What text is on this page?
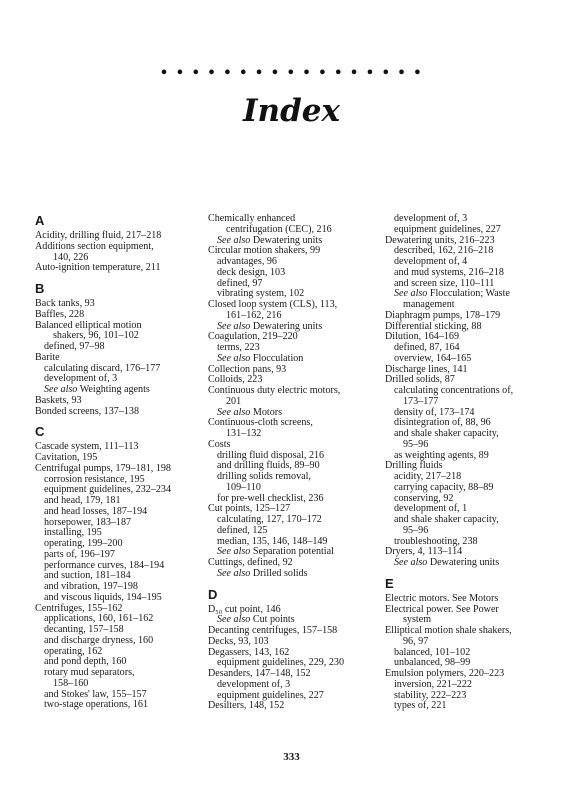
• • • • • • • • • • • • • • • • •
Index
A
Acidity, drilling fluid, 217–218
Additions section equipment,
140, 226
Auto-ignition temperature, 211
B
Back tanks, 93
Baffles, 228
Balanced elliptical motion
shakers, 96, 101–102
defined, 97–98
Barite
calculating discard, 176–177
development of, 3
See also Weighting agents
Baskets, 93
Bonded screens, 137–138
C
Cascade system, 111–113
Cavitation, 195
Centrifugal pumps, 179–181, 198
corrosion resistance, 195
equipment guidelines, 232–234
and head, 179, 181
and head losses, 187–194
horsepower, 183–187
installing, 195
operating, 199–200
parts of, 196–197
performance curves, 184–194
and suction, 181–184
and vibration, 197–198
and viscous liquids, 194–195
Centrifuges, 155–162
applications, 160, 161–162
decanting, 157–158
and discharge dryness, 160
operating, 162
and pond depth, 160
rotary mud separators,
158–160
and Stokes' law, 155–157
two-stage operations, 161
Chemically enhanced
centrifugation (CEC), 216
See also Dewatering units
Circular motion shakers, 99
advantages, 96
deck design, 103
defined, 97
vibrating system, 102
Closed loop system (CLS), 113,
161–162, 216
See also Dewatering units
Coagulation, 219–220
terms, 223
See also Flocculation
Collection pans, 93
Colloids, 223
Continuous duty electric motors,
201
See also Motors
Continuous-cloth screens,
131–132
Costs
drilling fluid disposal, 216
and drilling fluids, 89–90
drilling solids removal,
109–110
for pre-well checklist, 236
Cut points, 125–127
calculating, 127, 170–172
defined, 125
median, 135, 146, 148–149
See also Separation potential
Cuttings, defined, 92
See also Drilled solids
D
D₅₀ cut point, 146
See also Cut points
Decanting centrifuges, 157–158
Decks, 93, 103
Degassers, 143, 162
equipment guidelines, 229, 230
Desanders, 147–148, 152
development of, 3
equipment guidelines, 227
Desilters, 148, 152
development of, 3
equipment guidelines, 227
Dewatering units, 216–223
described, 162, 216–218
development of, 4
and mud systems, 216–218
and screen size, 110–111
See also Flocculation; Waste
management
Diaphragm pumps, 178–179
Differential sticking, 88
Dilution, 164–169
defined, 87, 164
overview, 164–165
Discharge lines, 141
Drilled solids, 87
calculating concentrations of,
173–177
density of, 173–174
disintegration of, 88, 96
and shale shaker capacity,
95–96
as weighting agents, 89
Drilling fluids
acidity, 217–218
carrying capacity, 88–89
conserving, 92
development of, 1
and shale shaker capacity,
95–96
troubleshooting, 238
Dryers, 4, 113–114
See also Dewatering units
E
Electric motors. See Motors
Electrical power. See Power
system
Elliptical motion shale shakers,
96, 97
balanced, 101–102
unbalanced, 98–99
Emulsion polymers, 220–223
inversion, 221–222
stability, 222–223
types of, 221
333
